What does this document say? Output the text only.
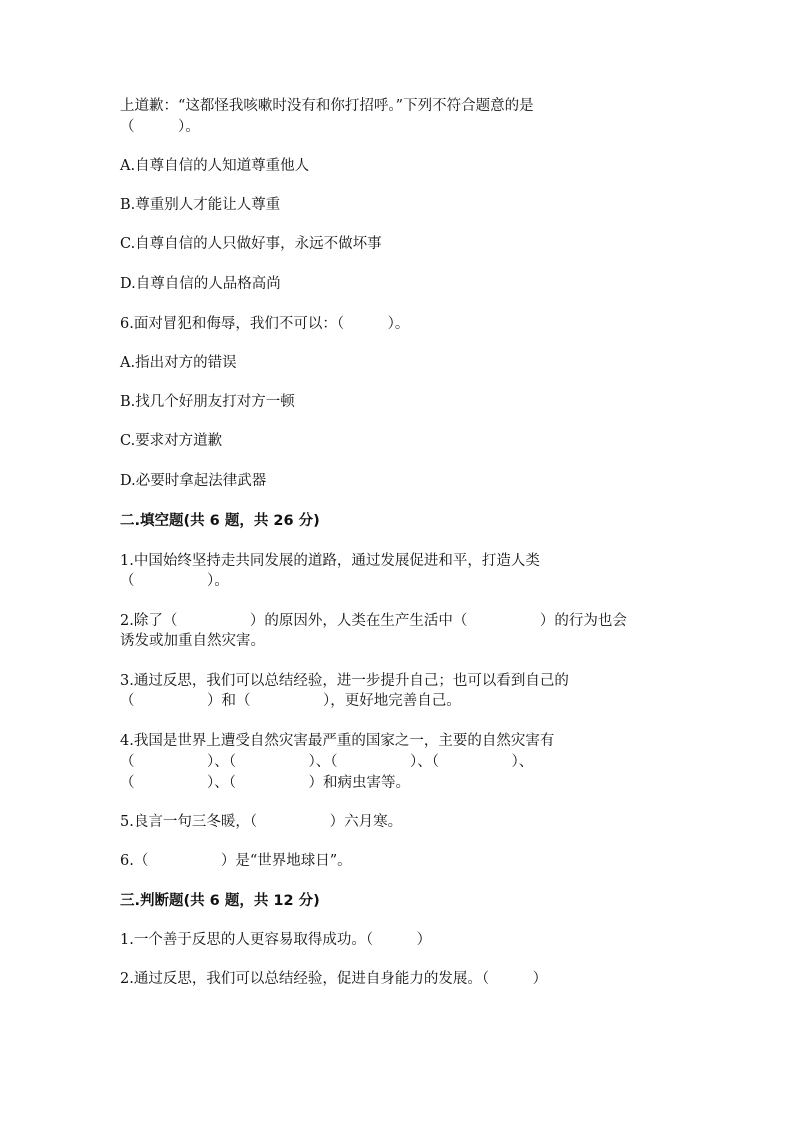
上道歉：“这都怪我咳嗽时没有和你打招呼。”下列不符合题意的是
（　　　）。
A.自尊自信的人知道尊重他人
B.尊重别人才能让人尊重
C.自尊自信的人只做好事，永远不做坏事
D.自尊自信的人品格高尚
6.面对冒犯和侮辱，我们不可以：（　　　）。
A.指出对方的错误
B.找几个好朋友打对方一顿
C.要求对方道歉
D.必要时拿起法律武器
二.填空题(共 6 题，共 26 分)
1.中国始终坚持走共同发展的道路，通过发展促进和平，打造人类
（　　　　　）。
2.除了（　　　　　）的原因外，人类在生产生活中（　　　　　）的行为也会
诱发或加重自然灾害。
3.通过反思，我们可以总结经验，进一步提升自己；也可以看到自己的
（　　　　　）和（　　　　　），更好地完善自己。
4.我国是世界上遭受自然灾害最严重的国家之一，主要的自然灾害有
（　　　　　）、（　　　　　）、（　　　　　）、（　　　　　）、
（　　　　　）、（　　　　　）和病虫害等。
5.良言一句三冬暖，（　　　　　）六月寒。
6.（　　　　　）是“世界地球日”。
三.判断题(共 6 题，共 12 分)
1.一个善于反思的人更容易取得成功。（　　　）
2.通过反思，我们可以总结经验，促进自身能力的发展。（　　　）
